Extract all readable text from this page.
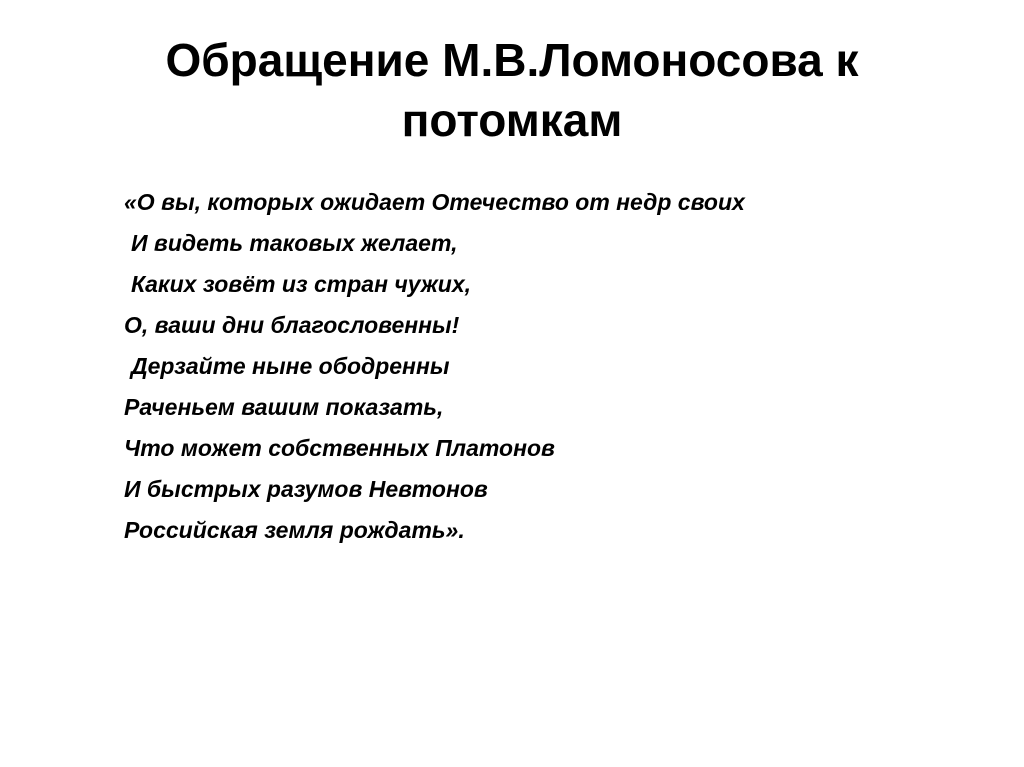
Обращение М.В.Ломоносова к
потомкам
«О вы, которых ожидает Отечество от недр своих
И видеть таковых желает,
Каких зовёт из стран чужих,
О, ваши дни благословенны!
Дерзайте ныне ободренны
Раченьем вашим показать,
Что может собственных Платонов
И быстрых разумов Невтонов
Российская земля рождать».
